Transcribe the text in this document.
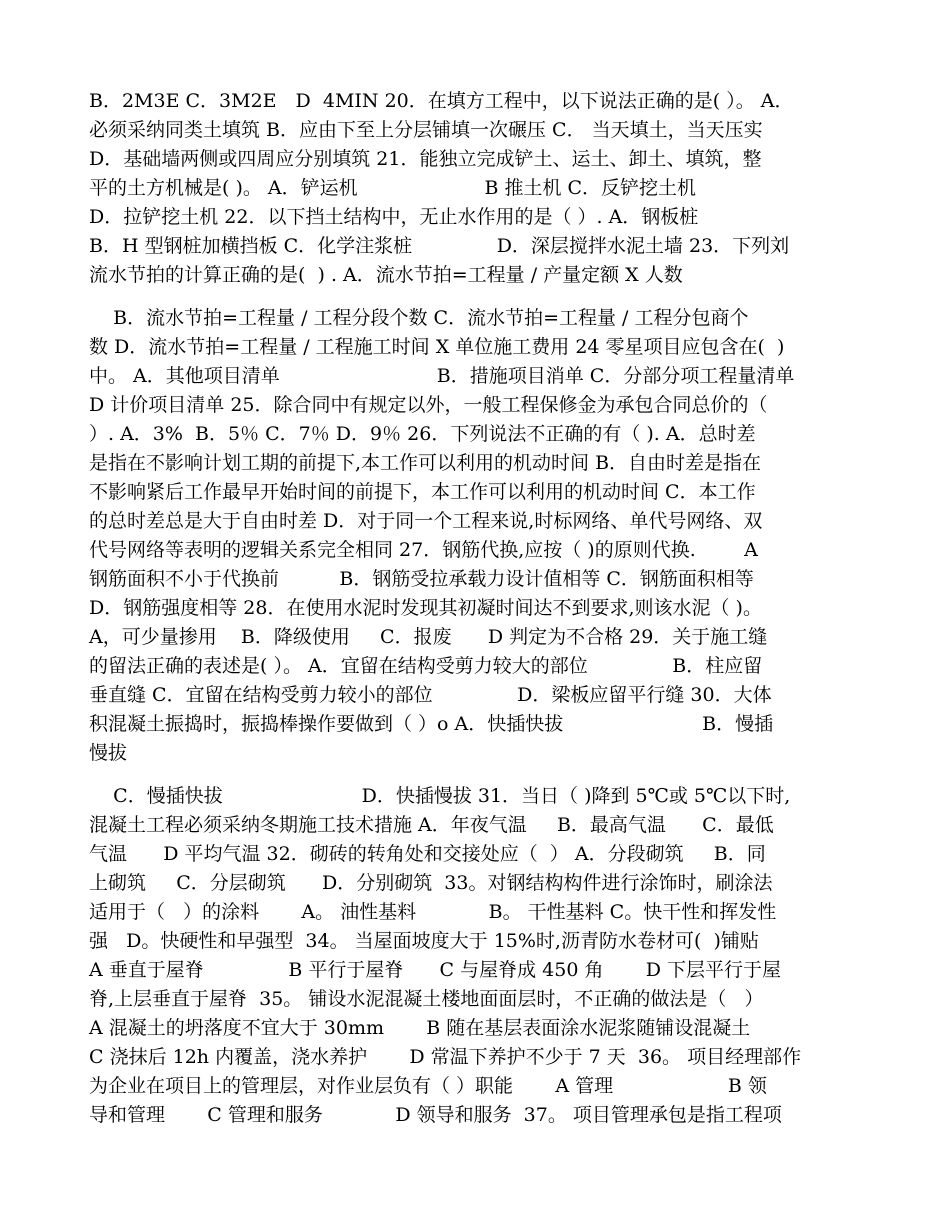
B．2M3E C．3M2E　D  4MIN 20．在填方工程中，以下说法正确的是( ）。 A．
必须采纳同类土填筑 B．应由下至上分层铺填一次碾压 C． 当天填土，当天压实
D．基础墙两侧或四周应分别填筑 21．能独立完成铲土、运土、卸土、填筑，整
平的土方机械是( )。 A．铲运机                     B 推土机 C．反铲挖土机
D．拉铲挖土机 22．以下挡土结构中，无止水作用的是（ ）. A．钢板桩
B．H 型钢桩加横挡板 C．化学注浆桩              D．深层搅拌水泥土墙 23．下列刘
流水节拍的计算正确的是(  ) . A．流水节拍=工程量 / 产量定额 X 人数
B．流水节拍=工程量 / 工程分段个数 C．流水节拍=工程量 / 工程分包商个
数 D．流水节拍=工程量 / 工程施工时间 X 单位施工费用 24 零星项目应包含在(  )
中。 A．其他项目清单                          B．措施项目消单 C．分部分项工程量清单
D 计价项目清单 25．除合同中有规定以外，一般工程保修金为承包合同总价的（
）. A．3%  B．5％ C．7％ D．9％ 26．下列说法不正确的有（ ). A．总时差
是指在不影响计划工期的前提下,本工作可以利用的机动时间 B．自由时差是指在
不影响紧后工作最早开始时间的前提下，本工作可以利用的机动时间 C．本工作
的总时差总是大于自由时差 D．对于同一个工程来说,时标网络、单代号网络、双
代号网络等表明的逻辑关系完全相同 27．钢筋代换,应按（ )的原则代换.        A
钢筋面积不小于代换前          B．钢筋受拉承载力设计值相等 C．钢筋面积相等
D．钢筋强度相等 28．在使用水泥时发现其初凝时间达不到要求,则该水泥（ )。
A，可少量掺用    B．降级使用     C．报废      D 判定为不合格 29．关于施工缝
的留法正确的表述是( ）。 A．宜留在结构受剪力较大的部位              B．柱应留
垂直缝 C．宜留在结构受剪力较小的部位              D．梁板应留平行缝 30．大体
积混凝土振捣时，振捣棒操作要做到（ ）o A．快插快拔                       B．慢插
慢拔
C．慢插快拔                       D．快插慢拔 31．当日（ )降到 5℃或 5℃以下时,
混凝土工程必须采纳冬期施工技术措施 A．年夜气温     B．最高气温      C．最低
气温      D 平均气温 32．砌砖的转角处和交接处应（  ） A．分段砌筑     B．同
上砌筑     C．分层砌筑      D．分别砌筑  33。对钢结构构件进行涂饰时，刷涂法
适用于（   ）的涂料       A。 油性基料            B。 干性基料 C。快干性和挥发性
强   D。快硬性和早强型  34。 当屋面坡度大于 15%时,沥青防水卷材可(  )铺贴
A 垂直于屋脊              B 平行于屋脊      C 与屋脊成 450 角       D 下层平行于屋
脊,上层垂直于屋脊  35。 铺设水泥混凝土楼地面面层时，不正确的做法是（   ）
A 混凝土的坍落度不宜大于 30mm       B 随在基层表面涂水泥浆随铺设混凝土
C 浇抹后 12h 内覆盖，浇水养护       D 常温下养护不少于 7 天  36。 项目经理部作
为企业在项目上的管理层，对作业层负有（ ）职能       A 管理                   B 领
导和管理       C 管理和服务            D 领导和服务  37。 项目管理承包是指工程项
